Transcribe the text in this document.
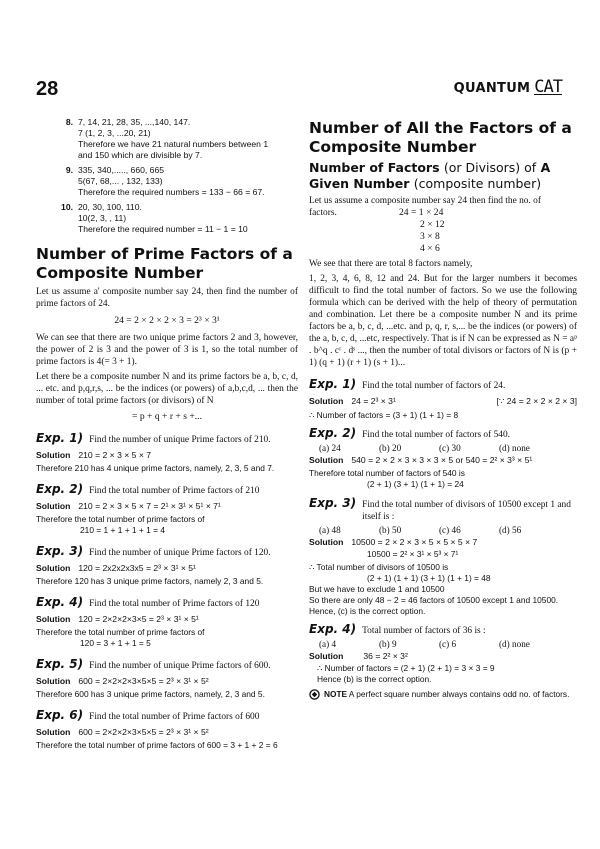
28	QUANTUM CAT
8. 7, 14, 21, 28, 35, ...,140, 147.
7 (1, 2, 3, ...20, 21)
Therefore we have 21 natural numbers between 1
and 150 which are divisible by 7.
9. 335, 340,....., 660, 665
5(67, 68,... , 132, 133)
Therefore the required numbers = 133 − 66 = 67.
10. 20, 30, 100, 110.
10(2, 3, , 11)
Therefore the required number = 11 − 1 = 10
Number of Prime Factors of a Composite Number

Let us assume a' composite number say 24, then find the number of prime factors of 24.

24 = 2 × 2 × 2 × 3 = 2³ × 3¹

We can see that there are two unique prime factors 2 and 3, however, the power of 2 is 3 and the power of 3 is 1, so the total number of prime factors is 4(= 3 + 1).

Let there be a composite number N and its prime factors be a, b, c, d, ... etc. and p,q,r,s, ... be the indices (or powers) of a,b,c,d, ... then the number of total prime factors (or divisors) of N

= p + q + r + s +...
Exp. 1) Find the number of unique Prime factors of 210.
Solution 210 = 2 × 3 × 5 × 7
Therefore 210 has 4 unique prime factors, namely, 2, 3, 5 and 7.
Exp. 2) Find the total number of Prime factors of 210
Solution 210 = 2 × 3 × 5 × 7 = 2¹ × 3¹ × 5¹ × 7¹
Therefore the total number of prime factors of
210 = 1 + 1 + 1 + 1 = 4
Exp. 3) Find the number of unique Prime factors of 120.
Solution 120 = 2x2x2x3x5 = 2³ × 3¹ × 5¹
Therefore 120 has 3 unique prime factors, namely 2, 3 and 5.
Exp. 4) Find the total number of Prime factors of 120
Solution 120 = 2×2×2×3×5 = 2³ × 3¹ × 5¹
Therefore the total number of prime factors of
120 = 3 + 1 + 1 = 5
Exp. 5) Find the number of unique Prime factors of 600.
Solution 600 = 2×2×2×3×5×5 = 2³ × 3¹ × 5²
Therefore 600 has 3 unique prime factors, namely, 2, 3 and 5.
Exp. 6) Find the total number of Prime factors of 600
Solution 600 = 2×2×2×3×5×5 = 2³ × 3¹ × 5²
Therefore the total number of prime factors of 600 = 3 + 1 + 2 = 6
Number of All the Factors of a Composite Number
Number of Factors (or Divisors) of A Given Number (composite number)
Let us assume a composite number say 24 then find the no. of
factors.	24 = 1 × 24
2 × 12
3 × 8
4 × 6

We see that there are total 8 factors namely,

1, 2, 3, 4, 6, 8, 12 and 24. But for the larger numbers it becomes difficult to find the total number of factors. So we use the following formula which can be derived with the help of theory of permutation and combination. Let there be a composite number N and its prime factors be a, b, c, d, ...etc. and p, q, r, s,... be the indices (or powers) of the a, b, c, d, ...etc, respectively. That is if N can be expressed as N = aᵖ . b^q . cʳ . dˢ ..., then the number of total divisors or factors of N is (p + 1) (q + 1) (r + 1) (s + 1)...

Exp. 1) Find the total number of factors of 24.
Solution 24 = 2³ × 3¹	[∵ 24 = 2 × 2 × 2 × 3]
∴ Number of factors = (3 + 1) (1 + 1) = 8
Exp. 2) Find the total number of factors of 540.
(a) 24	(b) 20	(c) 30	(d) none
Solution 540 = 2 × 2 × 3 × 3 × 3 × 5 or 540 = 2² × 3³ × 5¹
Therefore total number of factors of 540 is
(2 + 1) (3 + 1) (1 + 1) = 24
Exp. 3) Find the total number of divisors of 10500 except 1 and itself is :
(a) 48	(b) 50	(c) 46	(d) 56
Solution 10500 = 2 × 2 × 3 × 5 × 5 × 5 × 7
10500 = 2² × 3¹ × 5³ × 7¹
∴ Total number of divisors of 10500 is
(2 + 1) (1 + 1) (3 + 1) (1 + 1) = 48
But we have to exclude 1 and 10500
So there are only 48 − 2 = 46 factors of 10500 except 1 and 10500.
Hence, (c) is the correct option.
Exp. 4) Total number of factors of 36 is :
(a) 4	(b) 9	(c) 6	(d) none
Solution	36 = 2² × 3²
∴ Number of factors = (2 + 1) (2 + 1) = 3 × 3 = 9
Hence (b) is the correct option.
NOTE A perfect square number always contains odd no. of factors.
